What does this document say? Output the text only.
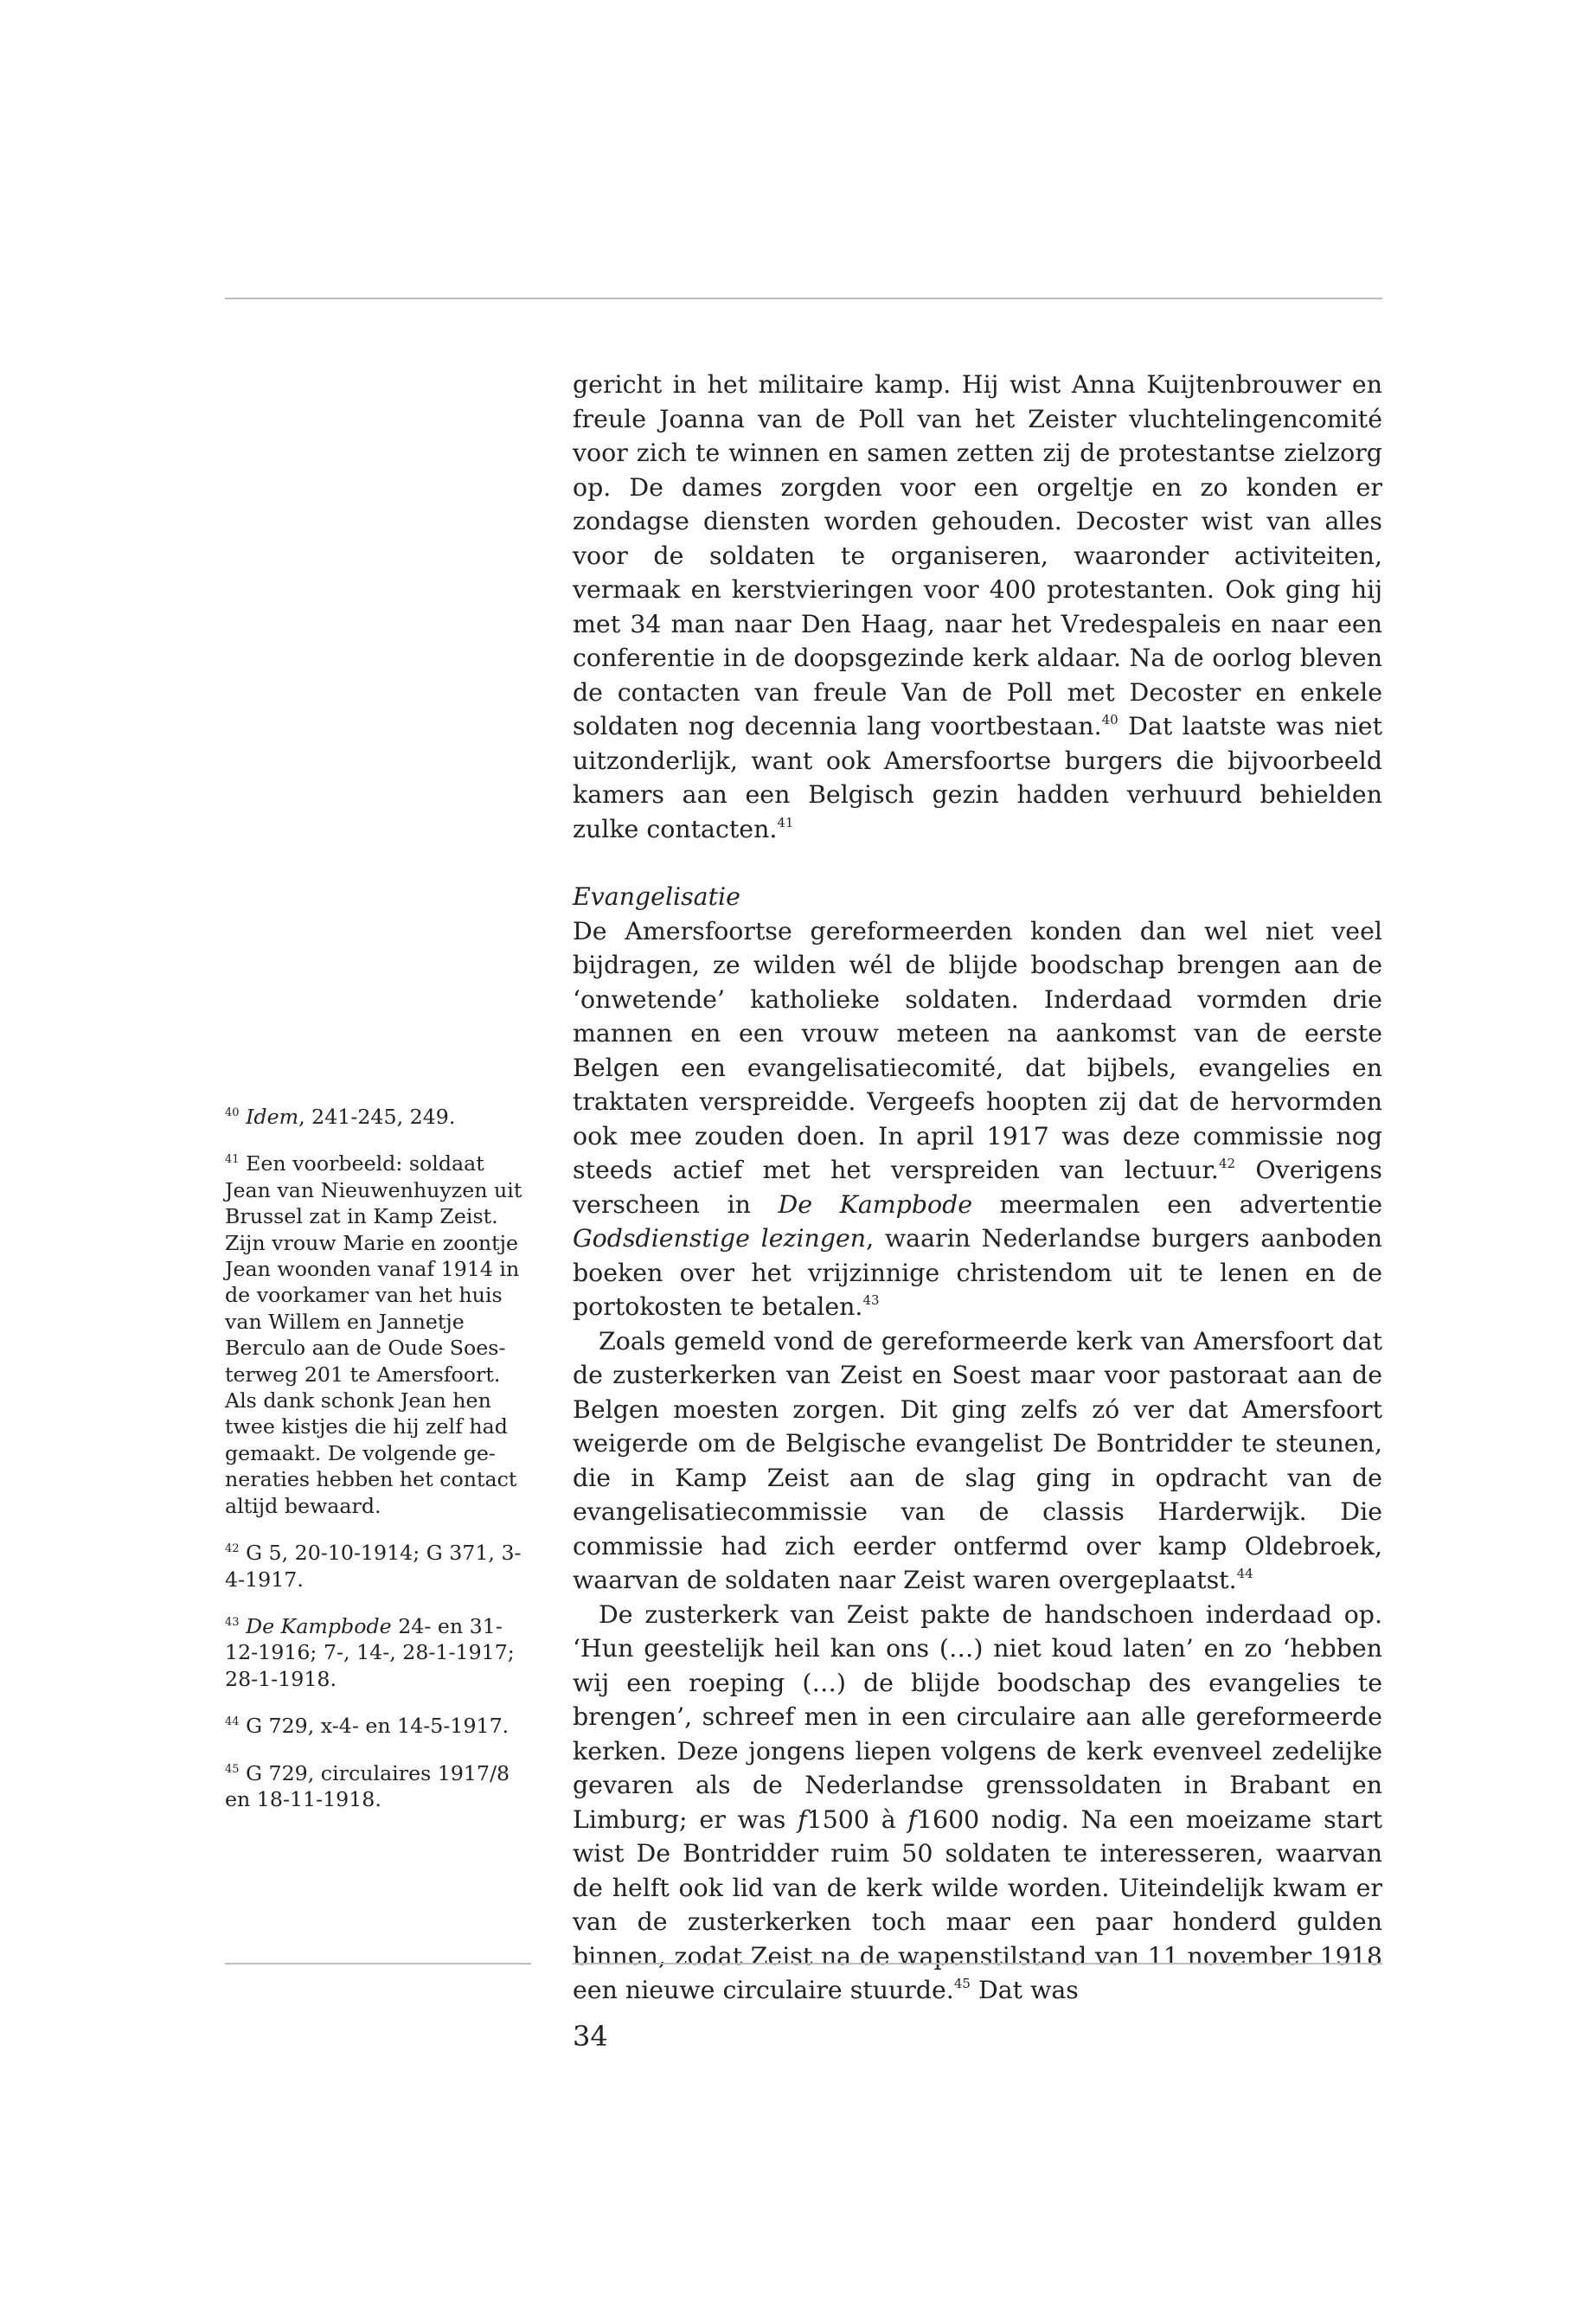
gericht in het militaire kamp. Hij wist Anna Kuijtenbrouwer en freule Joanna van de Poll van het Zeister vluchtelingencomité voor zich te winnen en samen zetten zij de protestantse zielzorg op. De dames zorgden voor een orgeltje en zo konden er zondagse diensten worden gehouden. Decoster wist van alles voor de soldaten te organiseren, waaronder activiteiten, vermaak en kerstvieringen voor 400 protestanten. Ook ging hij met 34 man naar Den Haag, naar het Vredespaleis en naar een conferentie in de doopsgezinde kerk aldaar. Na de oorlog bleven de contacten van freule Van de Poll met Decoster en enkele soldaten nog decennia lang voortbestaan.$^{40}$ Dat laatste was niet uitzonderlijk, want ook Amersfoortse burgers die bijvoorbeeld kamers aan een Belgisch gezin hadden verhuurd behielden zulke contacten.$^{41}$

Evangelisatie

De Amersfoortse gereformeerden konden dan wel niet veel bijdragen, ze wilden wél de blijde boodschap brengen aan de ‘onwetende’ katholieke soldaten. Inderdaad vormden drie mannen en een vrouw meteen na aankomst van de eerste Belgen een evangelisatiecomité, dat bijbels, evangelies en traktaten verspreidde. Vergeefs hoopten zij dat de hervormden ook mee zouden doen. In april 1917 was deze commissie nog steeds actief met het verspreiden van lectuur.$^{42}$ Overigens verscheen in De Kampbode meermalen een advertentie Godsdienstige lezingen, waarin Nederlandse burgers aanboden boeken over het vrijzinnige christendom uit te lenen en de portokosten te betalen.$^{43}$

Zoals gemeld vond de gereformeerde kerk van Amersfoort dat de zusterkerken van Zeist en Soest maar voor pastoraat aan de Belgen moesten zorgen. Dit ging zelfs zó ver dat Amersfoort weigerde om de Belgische evangelist De Bontridder te steunen, die in Kamp Zeist aan de slag ging in opdracht van de evangelisatiecommissie van de classis Harderwijk. Die commissie had zich eerder ontfermd over kamp Oldebroek, waarvan de soldaten naar Zeist waren overgeplaatst.$^{44}$

De zusterkerk van Zeist pakte de handschoen inderdaad op. ‘Hun geestelijk heil kan ons (…) niet koud laten’ en zo ‘hebben wij een roeping (…) de blijde boodschap des evangelies te brengen’, schreef men in een circulaire aan alle gereformeerde kerken. Deze jongens liepen volgens de kerk evenveel zedelijke gevaren als de Nederlandse grenssoldaten in Brabant en Limburg; er was f1500 à f1600 nodig. Na een moeizame start wist De Bontridder ruim 50 soldaten te interesseren, waarvan de helft ook lid van de kerk wilde worden. Uiteindelijk kwam er van de zusterkerken toch maar een paar honderd gulden binnen, zodat Zeist na de wapenstilstand van 11 november 1918 een nieuwe circulaire stuurde.$^{45}$ Dat was

$^{40}$ Idem, 241-245, 249.

$^{41}$ Een voorbeeld: soldaat Jean van Nieuwenhuyzen uit Brussel zat in Kamp Zeist. Zijn vrouw Marie en zoontje Jean woonden vanaf 1914 in de voorkamer van het huis van Willem en Jannetje Berculo aan de Oude Soesterweg 201 te Amersfoort. Als dank schonk Jean hen twee kistjes die hij zelf had gemaakt. De volgende generaties hebben het contact altijd bewaard.

$^{42}$ G 5, 20-10-1914; G 371, 3-4-1917.

$^{43}$ De Kampbode 24- en 31-12-1916; 7-, 14-, 28-1-1917; 28-1-1918.

$^{44}$ G 729, x-4- en 14-5-1917.

$^{45}$ G 729, circulaires 1917/8 en 18-11-1918.

34
